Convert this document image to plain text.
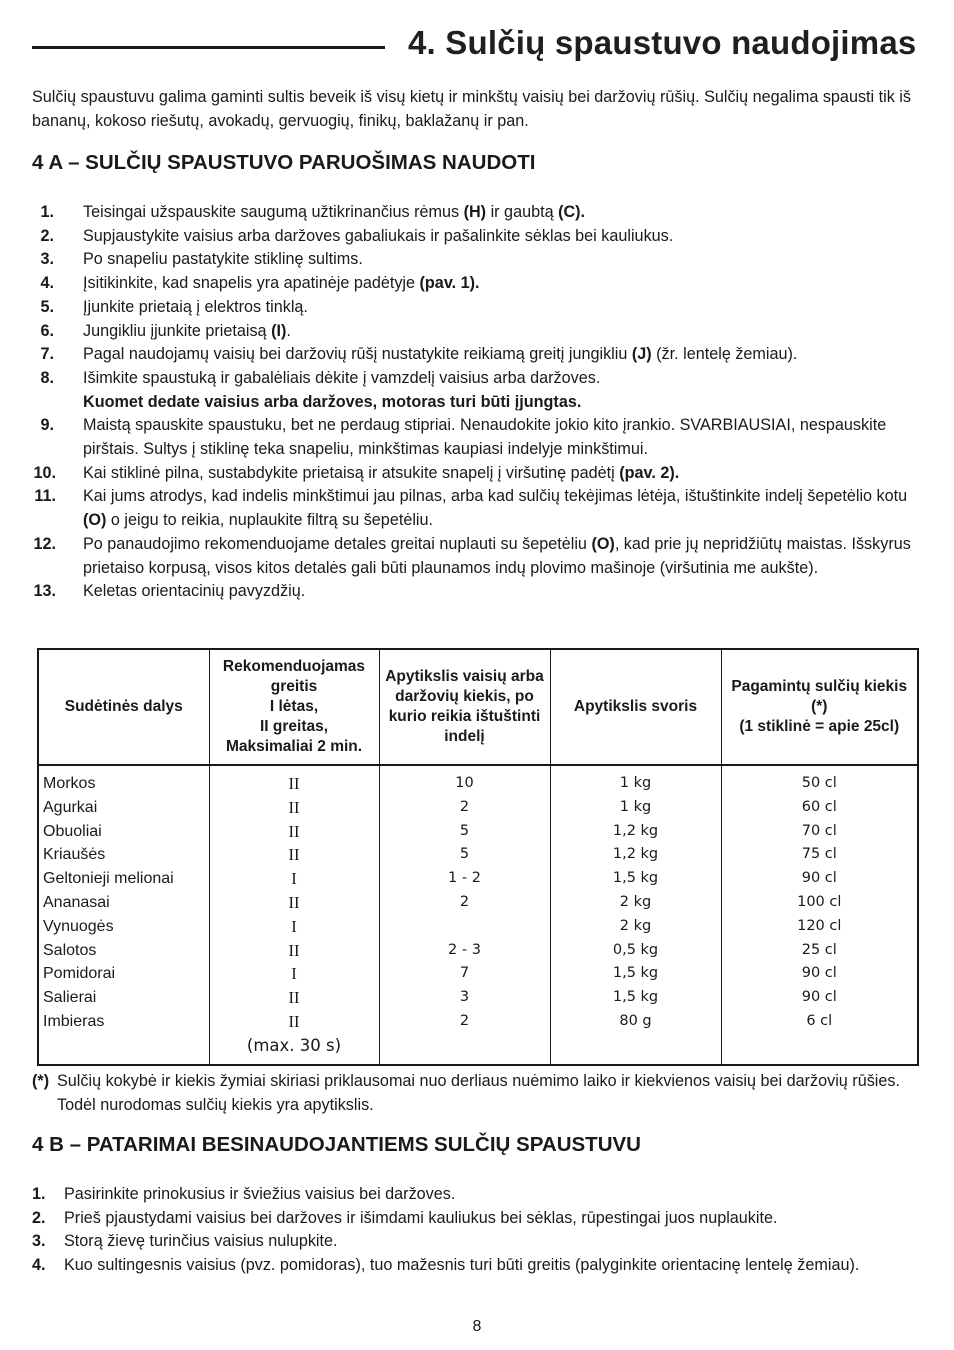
4. Sulčių spaustuvo naudojimas
Sulčių spaustuvu galima gaminti sultis beveik iš visų kietų ir minkštų vaisių bei daržovių rūšių. Sulčių negalima spausti tik iš bananų, kokoso riešutų, avokadų, gervuogių, finikų, baklažanų ir pan.
4 A – SULČIŲ SPAUSTUVO PARUOŠIMAS NAUDOTI
1. Teisingai užspauskite saugumą užtikrinančius rėmus (H) ir gaubtą (C).
2. Supjaustykite vaisius arba daržoves gabaliukais ir pašalinkite sėklas bei kauliukus.
3. Po snapeliu pastatykite stiklinę sultims.
4. Įsitikinkite, kad snapelis yra apatinėje padėtyje (pav. 1).
5. Įjunkite prietaią į elektros tinklą.
6. Jungikliu įjunkite prietaisą (I).
7. Pagal naudojamų vaisių bei daržovių rūšį nustatykite reikiamą greitį jungikliu (J) (žr. lentelę žemiau).
8. Išimkite spaustuką ir gabalėliais dėkite į vamzdelį vaisius arba daržoves.
Kuomet dedate vaisius arba daržoves, motoras turi būti įjungtas.
9. Maistą spauskite spaustuku, bet ne perdaug stipriai. Nenaudokite jokio kito įrankio. SVARBIAUSIAI, nespauskite pirštais. Sultys į stiklinę teka snapeliu, minkštimas kaupiasi indelyje minkštimui.
10. Kai stiklinė pilna, sustabdykite prietaisą ir atsukite snapelį į viršutinę padėtį (pav. 2).
11. Kai jums atrodys, kad indelis minkštimui jau pilnas, arba kad sulčių tekėjimas lėtėja, ištuštinkite indelį šepetėlio kotu (O) o jeigu to reikia, nuplaukite filtrą su šepetėliu.
12. Po panaudojimo rekomenduojame detales greitai nuplauti su šepetėliu (O), kad prie jų nepridžiūtų maistas. Išskyrus prietaiso korpusą, visos kitos detalės gali būti plaunamos indų plovimo mašinoje (viršutinia me aukšte).
13. Keletas orientacinių pavyzdžių.
Sudėtinės dalys	Rekomenduojamas greitis
I lėtas,
II greitas,
Maksimaliai 2 min.	Apytikslis vaisių arba daržovių kiekis, po kurio reikia ištuštinti indelį	Apytikslis svoris	Pagamintų sulčių kiekis (*)
(1 stiklinė = apie 25cl)
Morkos	II	10	1 kg	50 cl
Agurkai	II	2	1 kg	60 cl
Obuoliai	II	5	1,2 kg	70 cl
Kriaušės	II	5	1,2 kg	75 cl
Geltonieji melionai	I	1 - 2	1,5 kg	90 cl
Ananasai	II	2	2 kg	100 cl
Vynuogės	I		2 kg	120 cl
Salotos	II	2 - 3	0,5 kg	25 cl
Pomidorai	I	7	1,5 kg	90 cl
Salierai	II	3	1,5 kg	90 cl
Imbieras	II	2	80 g	6 cl
	(max. 30 s)			
(*) Sulčių kokybė ir kiekis žymiai skiriasi priklausomai nuo derliaus nuėmimo laiko ir kiekvienos vaisių bei daržovių rūšies. Todėl nurodomas sulčių kiekis yra apytikslis.
4 B – PATARIMAI BESINAUDOJANTIEMS SULČIŲ SPAUSTUVU
1. Pasirinkite prinokusius ir šviežius vaisius bei daržoves.
2. Prieš pjaustydami vaisius bei daržoves ir išimdami kauliukus bei sėklas, rūpestingai juos nuplaukite.
3. Storą žievę turinčius vaisius nulupkite.
4. Kuo sultingesnis vaisius (pvz. pomidoras), tuo mažesnis turi būti greitis (palyginkite orientacinę lentelę žemiau).
8
